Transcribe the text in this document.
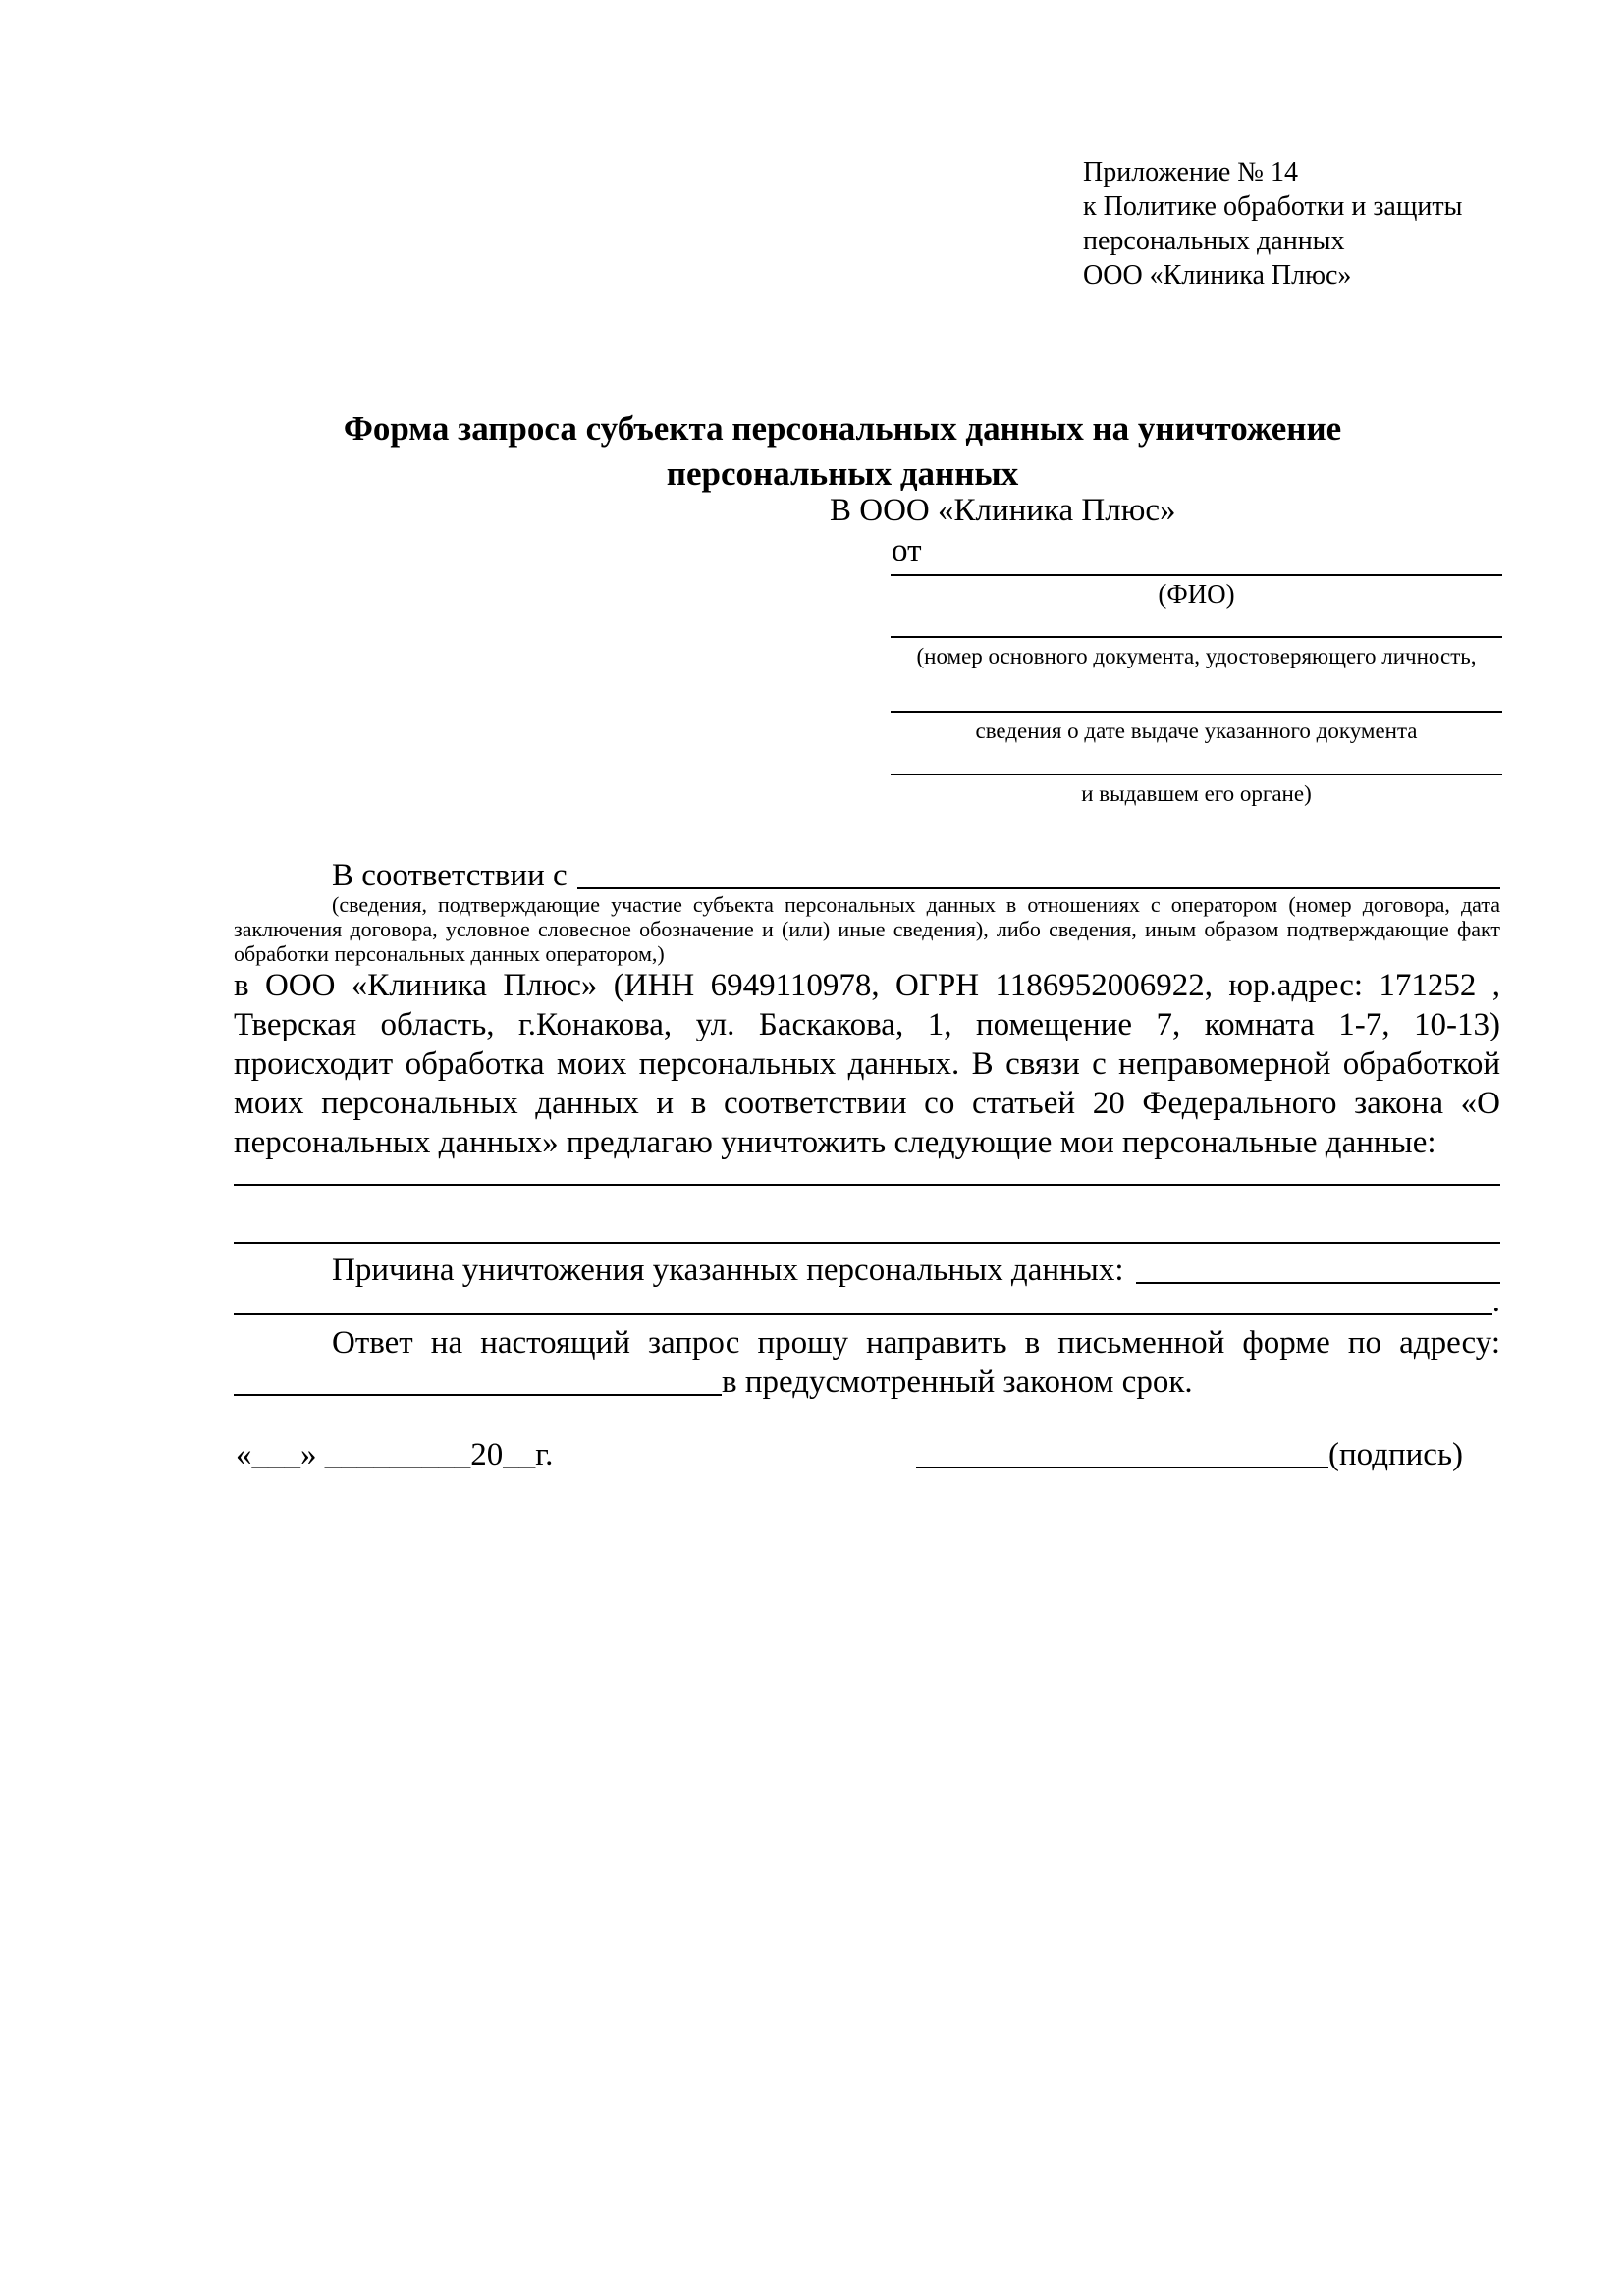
Приложение № 14
к Политике обработки и защиты
персональных данных
ООО «Клиника Плюс»
Форма запроса субъекта персональных данных на уничтожение
персональных данных
В ООО «Клиника Плюс»
от
(ФИО)
(номер основного документа, удостоверяющего личность,
сведения о дате выдаче указанного документа
и выдавшем его органе)
В соответствии с
(сведения, подтверждающие участие субъекта персональных данных в отношениях с оператором (номер договора, дата
заключения договора, условное словесное обозначение и (или) иные сведения), либо сведения, иным образом подтверждающие факт
обработки персональных данных оператором,)
в ООО «Клиника Плюс» (ИНН 6949110978, ОГРН 1186952006922, юр.адрес: 171252 ,
Тверская область, г.Конакова, ул. Баскакова, 1, помещение 7, комната 1-7, 10-13)
происходит обработка моих персональных данных. В связи с неправомерной обработкой
моих персональных данных и в соответствии со статьей 20 Федерального закона «О
персональных данных» предлагаю уничтожить следующие мои персональные данные:
Причина уничтожения указанных персональных данных:
.
Ответ на настоящий запрос прошу направить в письменной форме по адресу:
в предусмотренный законом срок.
«___» _________20__г.	(подпись)
